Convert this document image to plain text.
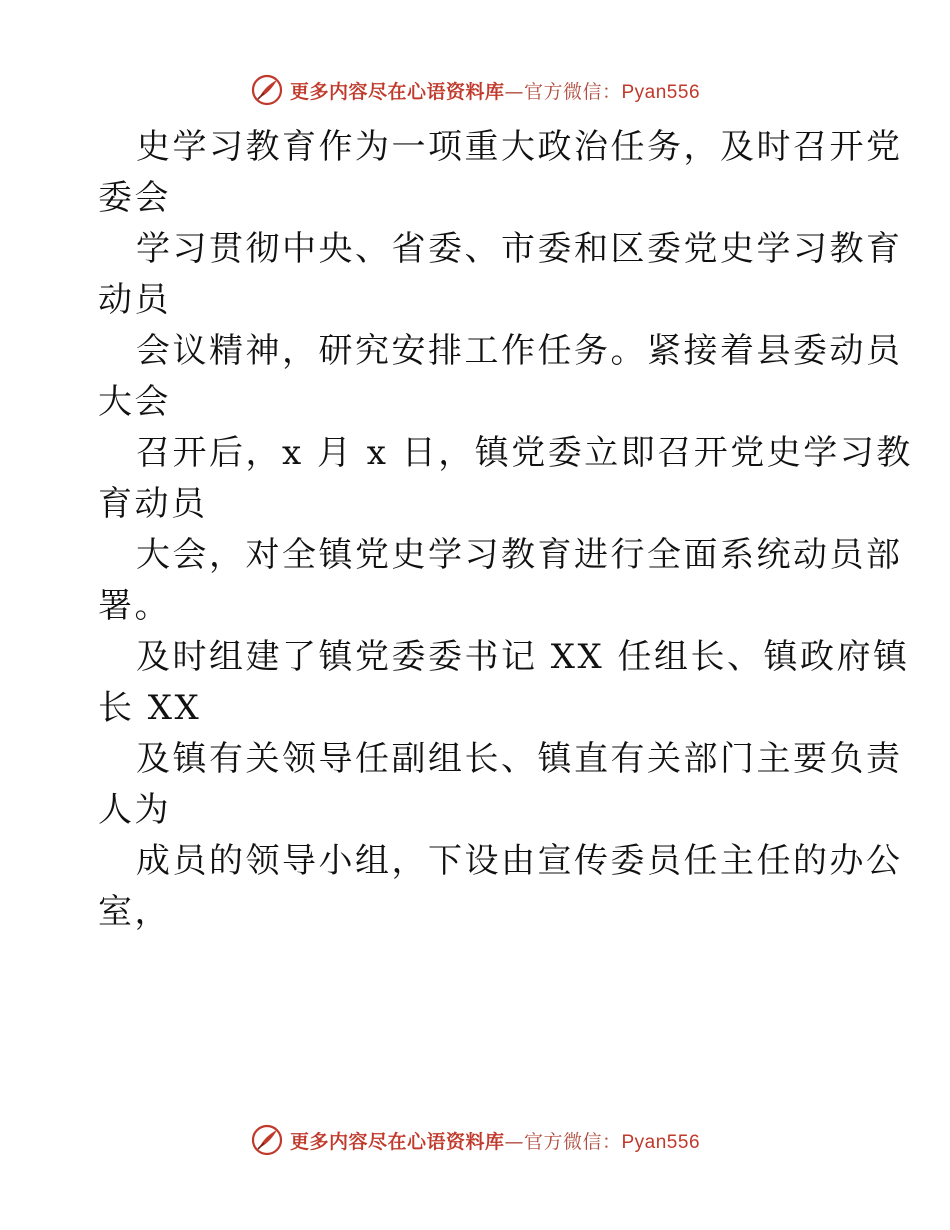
更多内容尽在心语资料库—官方微信：Pyan556
史学习教育作为一项重大政治任务，及时召开党
委会
学习贯彻中央、省委、市委和区委党史学习教育
动员
会议精神，研究安排工作任务。紧接着县委动员
大会
召开后，x 月 x 日，镇党委立即召开党史学习教
育动员
大会，对全镇党史学习教育进行全面系统动员部
署。
及时组建了镇党委委书记 XX 任组长、镇政府镇
长 XX
及镇有关领导任副组长、镇直有关部门主要负责
人为
成员的领导小组，下设由宣传委员任主任的办公
室，
更多内容尽在心语资料库—官方微信：Pyan556
